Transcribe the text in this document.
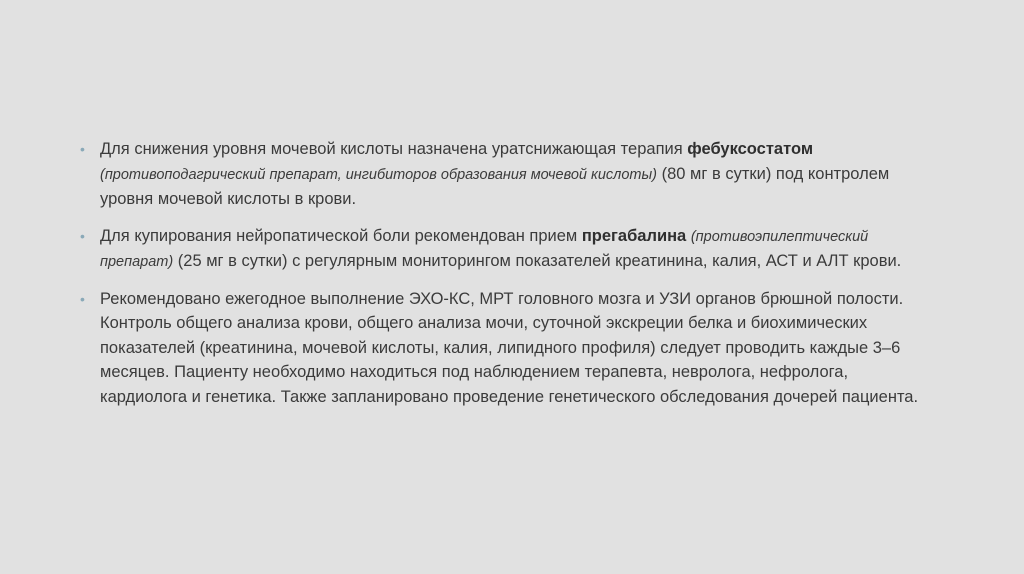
• Для снижения уровня мочевой кислоты назначена уратснижающая терапия фебуксостатом (противоподагрический препарат, ингибиторов образования мочевой кислоты) (80 мг в сутки) под контролем уровня мочевой кислоты в крови.
• Для купирования нейропатической боли рекомендован прием прегабалина (противоэпилептический препарат) (25 мг в сутки) с регулярным мониторингом показателей креатинина, калия, АСТ и АЛТ крови.
• Рекомендовано ежегодное выполнение ЭХО-КС, МРТ головного мозга и УЗИ органов брюшной полости. Контроль общего анализа крови, общего анализа мочи, суточной экскреции белка и биохимических показателей (креатинина, мочевой кислоты, калия, липидного профиля) следует проводить каждые 3–6 месяцев. Пациенту необходимо находиться под наблюдением терапевта, невролога, нефролога, кардиолога и генетика. Также запланировано проведение генетического обследования дочерей пациента.
